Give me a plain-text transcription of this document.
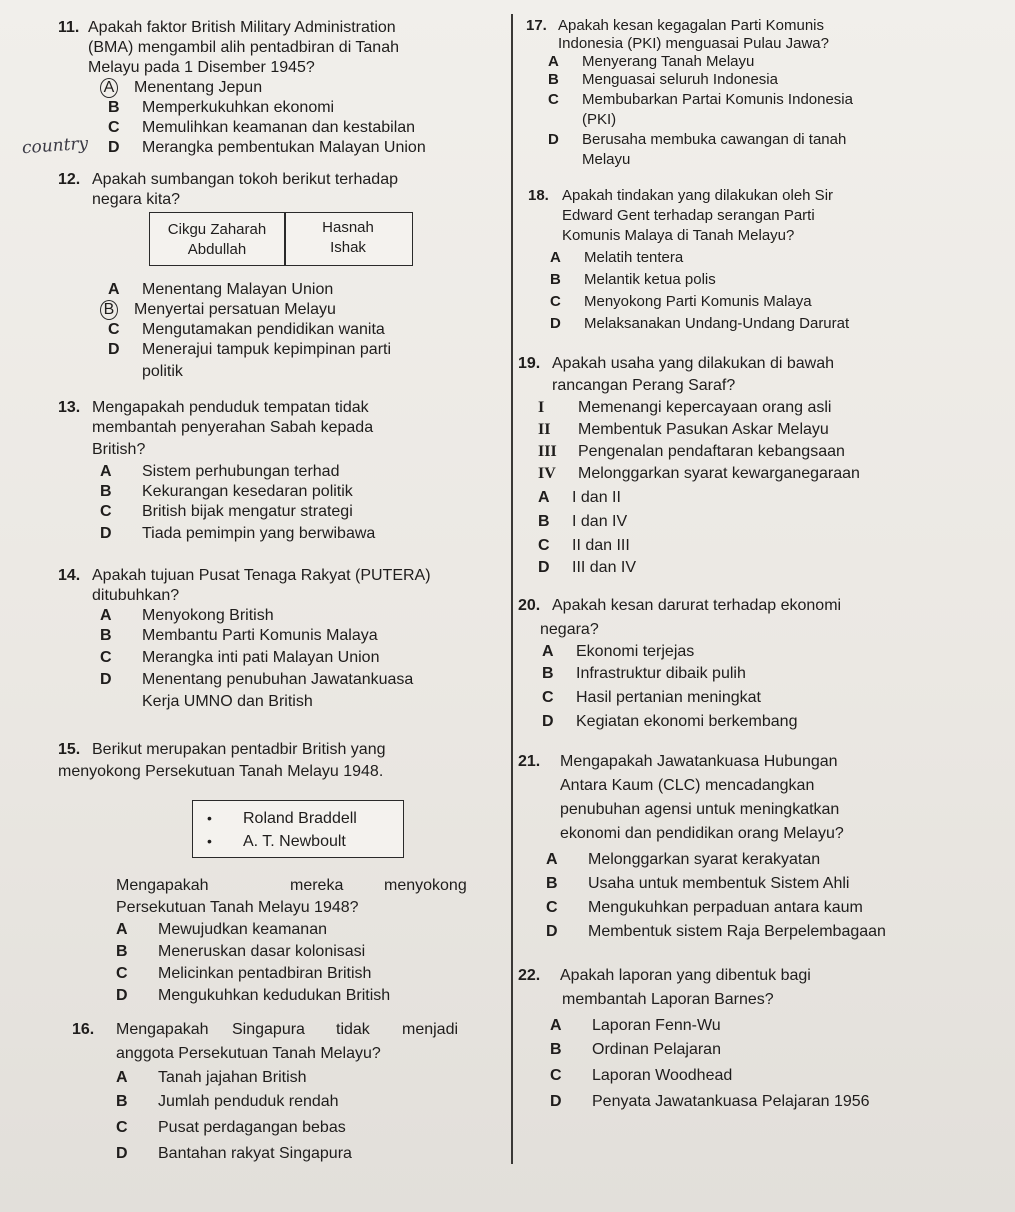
11. Apakah faktor British Military Administration
(BMA) mengambil alih pentadbiran di Tanah
Melayu pada 1 Disember 1945?
A Menentang Jepun
B Memperkukuhkan ekonomi
C Memulihkan keamanan dan kestabilan
country D Merangka pembentukan Malayan Union
12. Apakah sumbangan tokoh berikut terhadap
negara kita?
Cikgu Zaharah
Abdullah
Hasnah
Ishak
A Menentang Malayan Union
B Menyertai persatuan Melayu
C Mengutamakan pendidikan wanita
D Menerajui tampuk kepimpinan parti
politik
13. Mengapakah penduduk tempatan tidak
membantah penyerahan Sabah kepada
British?
A Sistem perhubungan terhad
B Kekurangan kesedaran politik
C British bijak mengatur strategi
D Tiada pemimpin yang berwibawa
14. Apakah tujuan Pusat Tenaga Rakyat (PUTERA)
ditubuhkan?
A Menyokong British
B Membantu Parti Komunis Malaya
C Merangka inti pati Malayan Union
D Menentang penubuhan Jawatankuasa
Kerja UMNO dan British
15. Berikut merupakan pentadbir British yang
menyokong Persekutuan Tanah Melayu 1948.
• Roland Braddell
• A. T. Newboult
Mengapakah	mereka	menyokong
Persekutuan Tanah Melayu 1948?
A Mewujudkan keamanan
B Meneruskan dasar kolonisasi
C Melicinkan pentadbiran British
D Mengukuhkan kedudukan British
16. Mengapakah Singapura tidak menjadi
anggota Persekutuan Tanah Melayu?
A Tanah jajahan British
B Jumlah penduduk rendah
C Pusat perdagangan bebas
D Bantahan rakyat Singapura
17. Apakah kesan kegagalan Parti Komunis
Indonesia (PKI) menguasai Pulau Jawa?
A Menyerang Tanah Melayu
B Menguasai seluruh Indonesia
C Membubarkan Partai Komunis Indonesia
(PKI)
D Berusaha membuka cawangan di tanah
Melayu
18. Apakah tindakan yang dilakukan oleh Sir
Edward Gent terhadap serangan Parti
Komunis Malaya di Tanah Melayu?
A Melatih tentera
B Melantik ketua polis
C Menyokong Parti Komunis Malaya
D Melaksanakan Undang-Undang Darurat
19. Apakah usaha yang dilakukan di bawah
rancangan Perang Saraf?
I Memenangi kepercayaan orang asli
II Membentuk Pasukan Askar Melayu
III Pengenalan pendaftaran kebangsaan
IV Melonggarkan syarat kewarganegaraan
A I dan II
B I dan IV
C II dan III
D III dan IV
20. Apakah kesan darurat terhadap ekonomi
negara?
A Ekonomi terjejas
B Infrastruktur dibaik pulih
C Hasil pertanian meningkat
D Kegiatan ekonomi berkembang
21. Mengapakah Jawatankuasa Hubungan
Antara Kaum (CLC) mencadangkan
penubuhan agensi untuk meningkatkan
ekonomi dan pendidikan orang Melayu?
A Melonggarkan syarat kerakyatan
B Usaha untuk membentuk Sistem Ahli
C Mengukuhkan perpaduan antara kaum
D Membentuk sistem Raja Berpelembagaan
22. Apakah laporan yang dibentuk bagi
membantah Laporan Barnes?
A Laporan Fenn-Wu
B Ordinan Pelajaran
C Laporan Woodhead
D Penyata Jawatankuasa Pelajaran 1956
